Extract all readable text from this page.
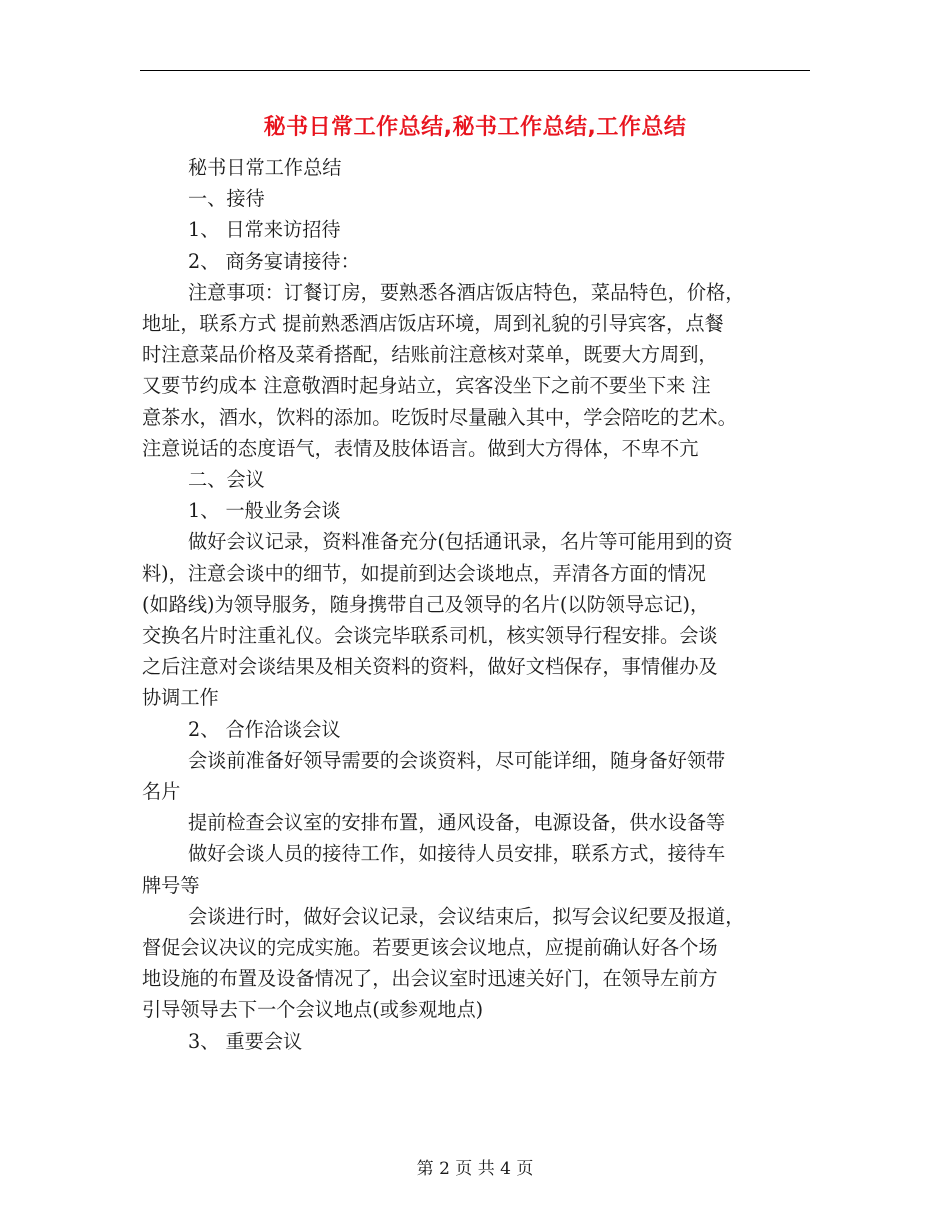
秘书日常工作总结,秘书工作总结,工作总结

秘书日常工作总结

一、接待

1、 日常来访招待

2、 商务宴请接待：

注意事项：订餐订房，要熟悉各酒店饭店特色，菜品特色，价格，

地址，联系方式 提前熟悉酒店饭店环境，周到礼貌的引导宾客，点餐

时注意菜品价格及菜肴搭配，结账前注意核对菜单，既要大方周到，

又要节约成本 注意敬酒时起身站立，宾客没坐下之前不要坐下来 注

意茶水，酒水，饮料的添加。吃饭时尽量融入其中，学会陪吃的艺术。

注意说话的态度语气，表情及肢体语言。做到大方得体，不卑不亢

二、会议

1、 一般业务会谈

做好会议记录，资料准备充分(包括通讯录，名片等可能用到的资

料)，注意会谈中的细节，如提前到达会谈地点，弄清各方面的情况

(如路线)为领导服务，随身携带自己及领导的名片(以防领导忘记)，

交换名片时注重礼仪。会谈完毕联系司机，核实领导行程安排。会谈

之后注意对会谈结果及相关资料的资料，做好文档保存，事情催办及

协调工作

2、 合作洽谈会议

会谈前准备好领导需要的会谈资料，尽可能详细，随身备好领带

名片

提前检查会议室的安排布置，通风设备，电源设备，供水设备等

做好会谈人员的接待工作，如接待人员安排，联系方式，接待车

牌号等

会谈进行时，做好会议记录，会议结束后，拟写会议纪要及报道，

督促会议决议的完成实施。若要更该会议地点，应提前确认好各个场

地设施的布置及设备情况了，出会议室时迅速关好门，在领导左前方

引导领导去下一个会议地点(或参观地点)

3、 重要会议

第 2 页 共 4 页
